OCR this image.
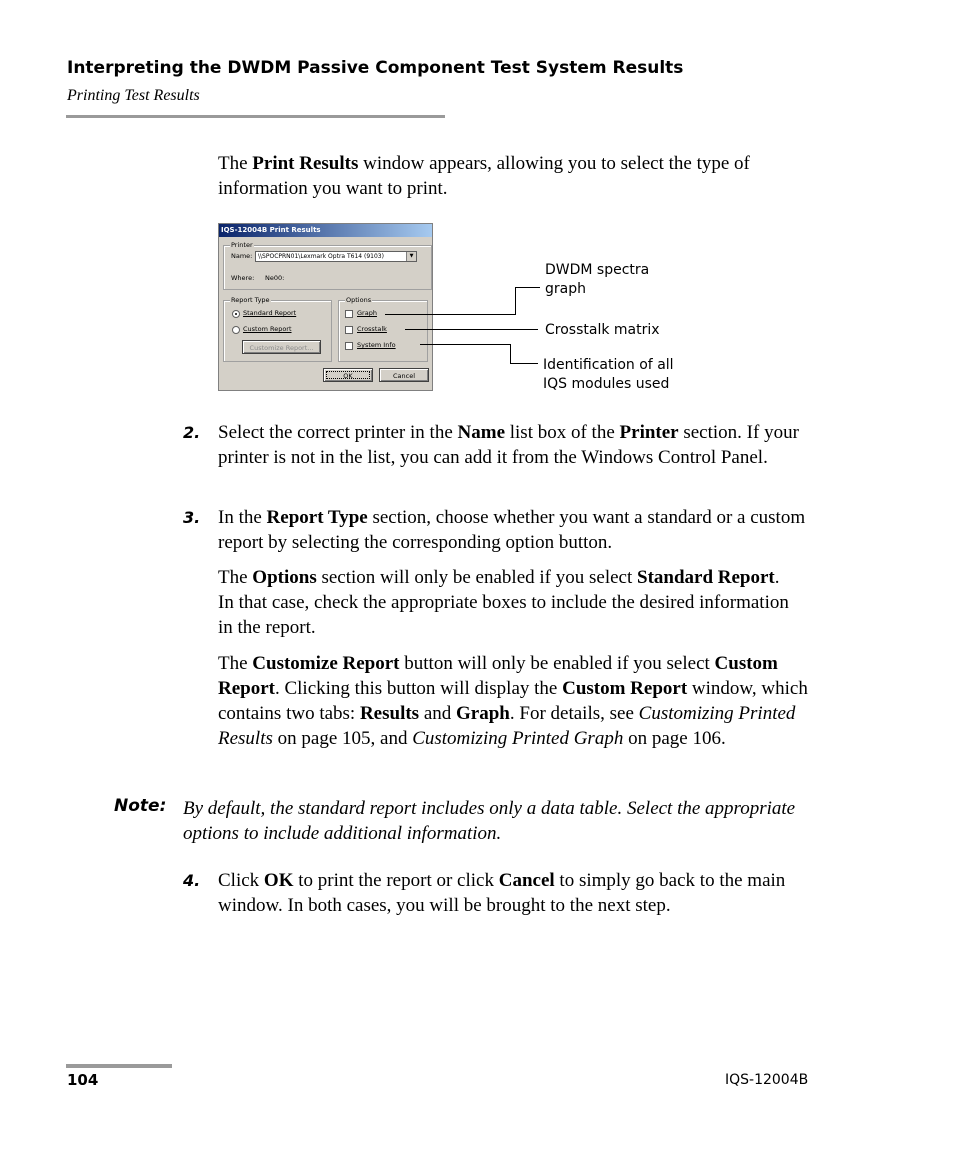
Interpreting the DWDM Passive Component Test System Results
Printing Test Results
The Print Results window appears, allowing you to select the type of information you want to print.
IQS-12004B Print Results
Printer
Name: \\SPOCPRN01\Lexmark Optra T614 (9103)	▼
Where: Ne00:
Report Type
Standard Report
Custom Report
Customize Report...
Options
Graph
Crosstalk
System Info
OK	Cancel
DWDM spectra
graph
Crosstalk matrix
Identification of all
IQS modules used
2. Select the correct printer in the Name list box of the Printer section. If your printer is not in the list, you can add it from the Windows Control Panel.
3. In the Report Type section, choose whether you want a standard or a custom report by selecting the corresponding option button.
The Options section will only be enabled if you select Standard Report. In that case, check the appropriate boxes to include the desired information in the report.
The Customize Report button will only be enabled if you select Custom Report. Clicking this button will display the Custom Report window, which contains two tabs: Results and Graph. For details, see Customizing Printed Results on page 105, and Customizing Printed Graph on page 106.
Note: By default, the standard report includes only a data table. Select the appropriate options to include additional information.
4. Click OK to print the report or click Cancel to simply go back to the main window. In both cases, you will be brought to the next step.
104	IQS-12004B
